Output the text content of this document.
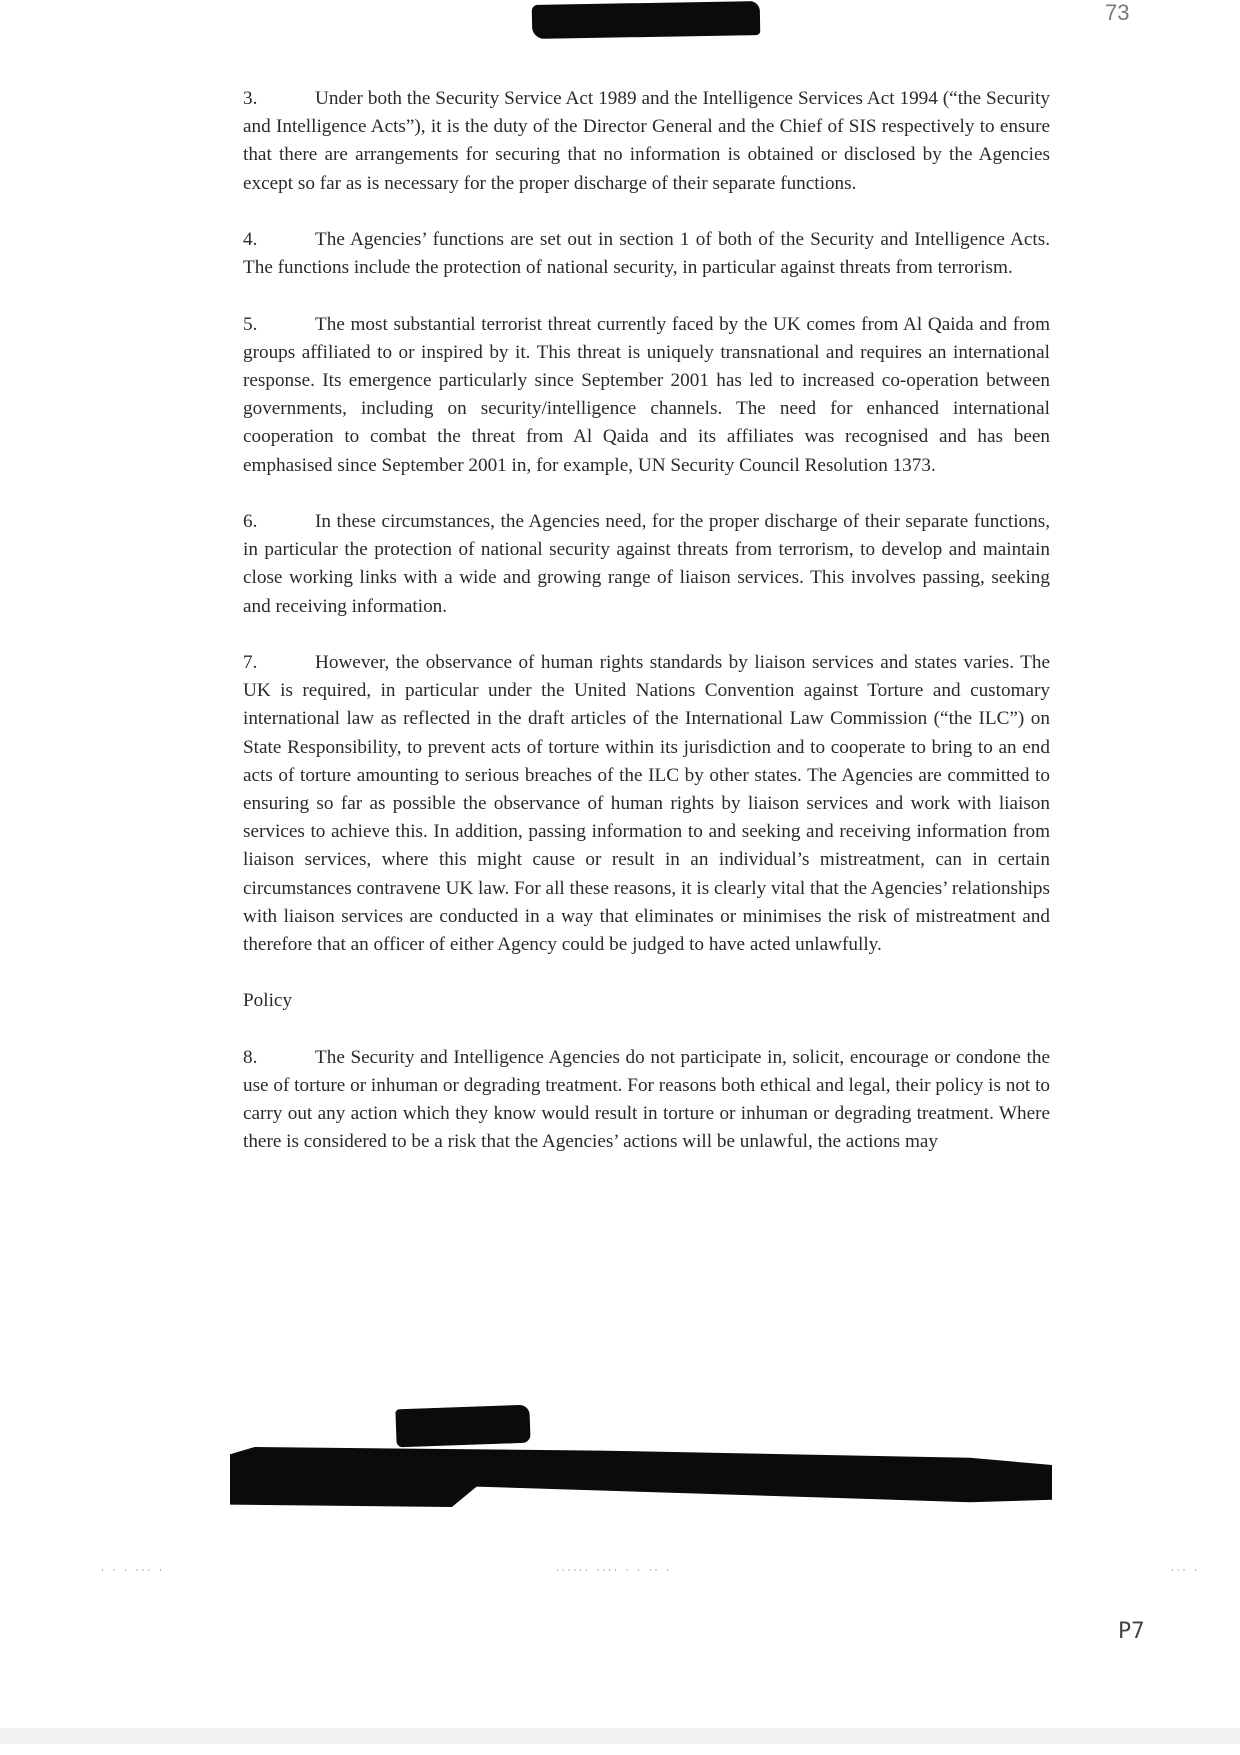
73

3.	Under both the Security Service Act 1989 and the Intelligence Services Act 1994 (“the Security and Intelligence Acts”), it is the duty of the Director General and the Chief of SIS respectively to ensure that there are arrangements for securing that no information is obtained or disclosed by the Agencies except so far as is necessary for the proper discharge of their separate functions.

4.	The Agencies’ functions are set out in section 1 of both of the Security and Intelligence Acts. The functions include the protection of national security, in particular against threats from terrorism.

5.	The most substantial terrorist threat currently faced by the UK comes from Al Qaida and from groups affiliated to or inspired by it. This threat is uniquely transnational and requires an international response. Its emergence particularly since September 2001 has led to increased co-operation between governments, including on security/intelligence channels. The need for enhanced international cooperation to combat the threat from Al Qaida and its affiliates was recognised and has been emphasised since September 2001 in, for example, UN Security Council Resolution 1373.

6.	In these circumstances, the Agencies need, for the proper discharge of their separate functions, in particular the protection of national security against threats from terrorism, to develop and maintain close working links with a wide and growing range of liaison services. This involves passing, seeking and receiving information.

7.	However, the observance of human rights standards by liaison services and states varies. The UK is required, in particular under the United Nations Convention against Torture and customary international law as reflected in the draft articles of the International Law Commission (“the ILC”) on State Responsibility, to prevent acts of torture within its jurisdiction and to cooperate to bring to an end acts of torture amounting to serious breaches of the ILC by other states. The Agencies are committed to ensuring so far as possible the observance of human rights by liaison services and work with liaison services to achieve this. In addition, passing information to and seeking and receiving information from liaison services, where this might cause or result in an individual’s mistreatment, can in certain circumstances contravene UK law. For all these reasons, it is clearly vital that the Agencies’ relationships with liaison services are conducted in a way that eliminates or minimises the risk of mistreatment and therefore that an officer of either Agency could be judged to have acted unlawfully.

Policy

8.	The Security and Intelligence Agencies do not participate in, solicit, encourage or condone the use of torture or inhuman or degrading treatment. For reasons both ethical and legal, their policy is not to carry out any action which they know would result in torture or inhuman or degrading treatment. Where there is considered to be a risk that the Agencies’ actions will be unlawful, the actions may

· · · ··· ·	······ ···· · · ·· ·	··· ·
P7
